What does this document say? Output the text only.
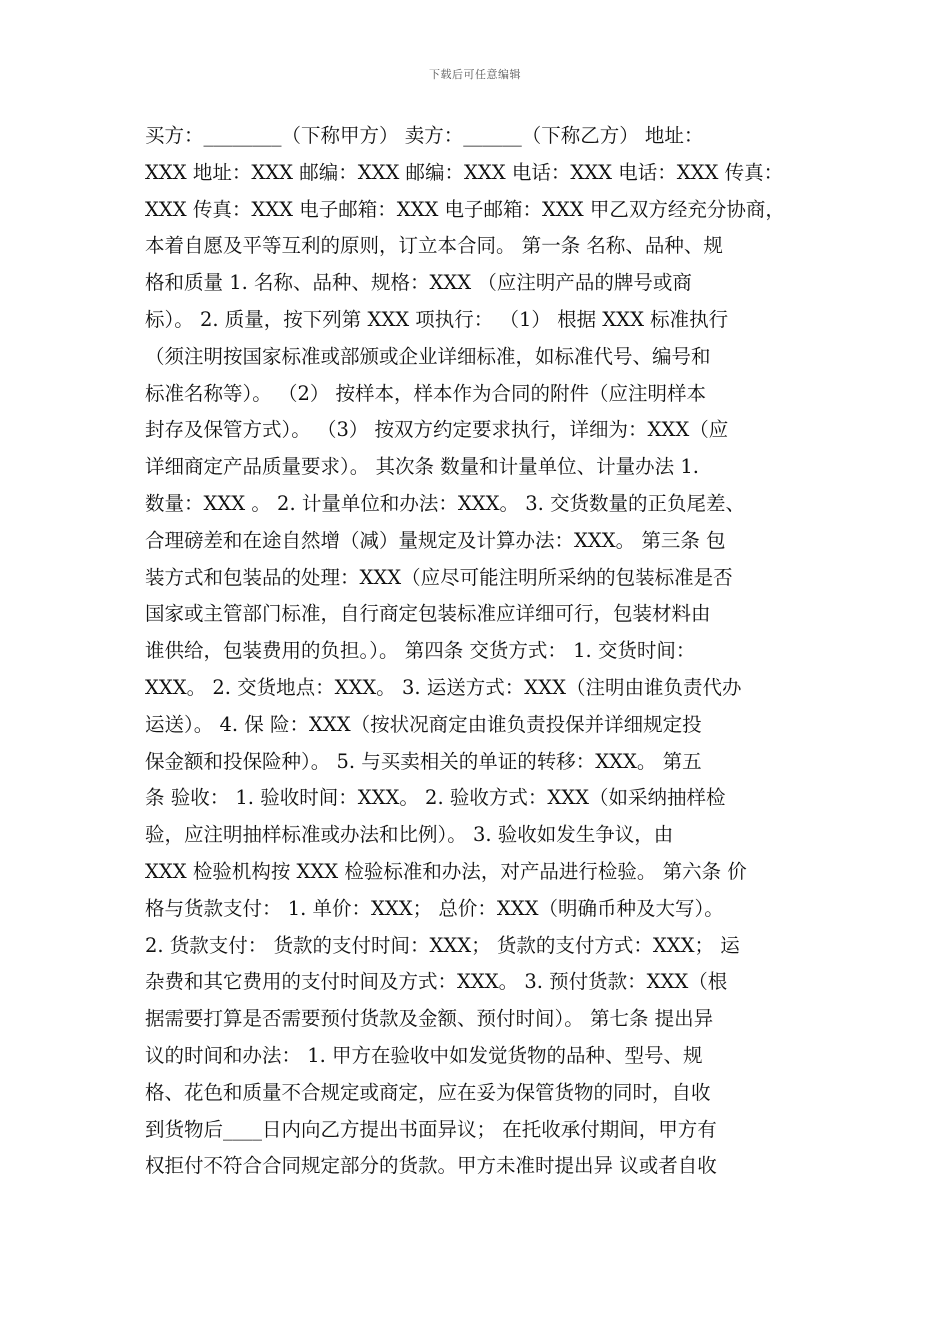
下载后可任意编辑
买方：________（下称甲方） 卖方：______（下称乙方） 地址：
XXX 地址：XXX 邮编：XXX 邮编：XXX 电话：XXX 电话：XXX 传真：
XXX 传真：XXX 电子邮箱：XXX 电子邮箱：XXX 甲乙双方经充分协商，
本着自愿及平等互利的原则，订立本合同。 第一条 名称、品种、规
格和质量 1. 名称、品种、规格：XXX （应注明产品的牌号或商
标）。 2. 质量，按下列第 XXX 项执行： （1） 根据 XXX 标准执行
（须注明按国家标准或部颁或企业详细标准，如标准代号、编号和
标准名称等）。 （2） 按样本，样本作为合同的附件（应注明样本
封存及保管方式）。 （3） 按双方约定要求执行，详细为：XXX（应
详细商定产品质量要求）。 其次条 数量和计量单位、计量办法 1.
数量：XXX 。 2. 计量单位和办法：XXX。 3. 交货数量的正负尾差、
合理磅差和在途自然增（减）量规定及计算办法：XXX。 第三条 包
装方式和包装品的处理：XXX（应尽可能注明所采纳的包装标准是否
国家或主管部门标准，自行商定包装标准应详细可行，包装材料由
谁供给，包装费用的负担。）。 第四条 交货方式： 1. 交货时间：
XXX。 2. 交货地点：XXX。 3. 运送方式：XXX（注明由谁负责代办
运送）。 4. 保 险：XXX（按状况商定由谁负责投保并详细规定投
保金额和投保险种）。 5. 与买卖相关的单证的转移：XXX。 第五
条 验收： 1. 验收时间：XXX。 2. 验收方式：XXX（如采纳抽样检
验，应注明抽样标准或办法和比例）。 3. 验收如发生争议，由
XXX 检验机构按 XXX 检验标准和办法，对产品进行检验。 第六条 价
格与货款支付： 1. 单价：XXX； 总价：XXX（明确币种及大写）。
2. 货款支付： 货款的支付时间：XXX； 货款的支付方式：XXX； 运
杂费和其它费用的支付时间及方式：XXX。 3. 预付货款：XXX（根
据需要打算是否需要预付货款及金额、预付时间）。 第七条 提出异
议的时间和办法： 1. 甲方在验收中如发觉货物的品种、型号、规
格、花色和质量不合规定或商定，应在妥为保管货物的同时，自收
到货物后____日内向乙方提出书面异议； 在托收承付期间，甲方有
权拒付不符合合同规定部分的货款。甲方未准时提出异 议或者自收
